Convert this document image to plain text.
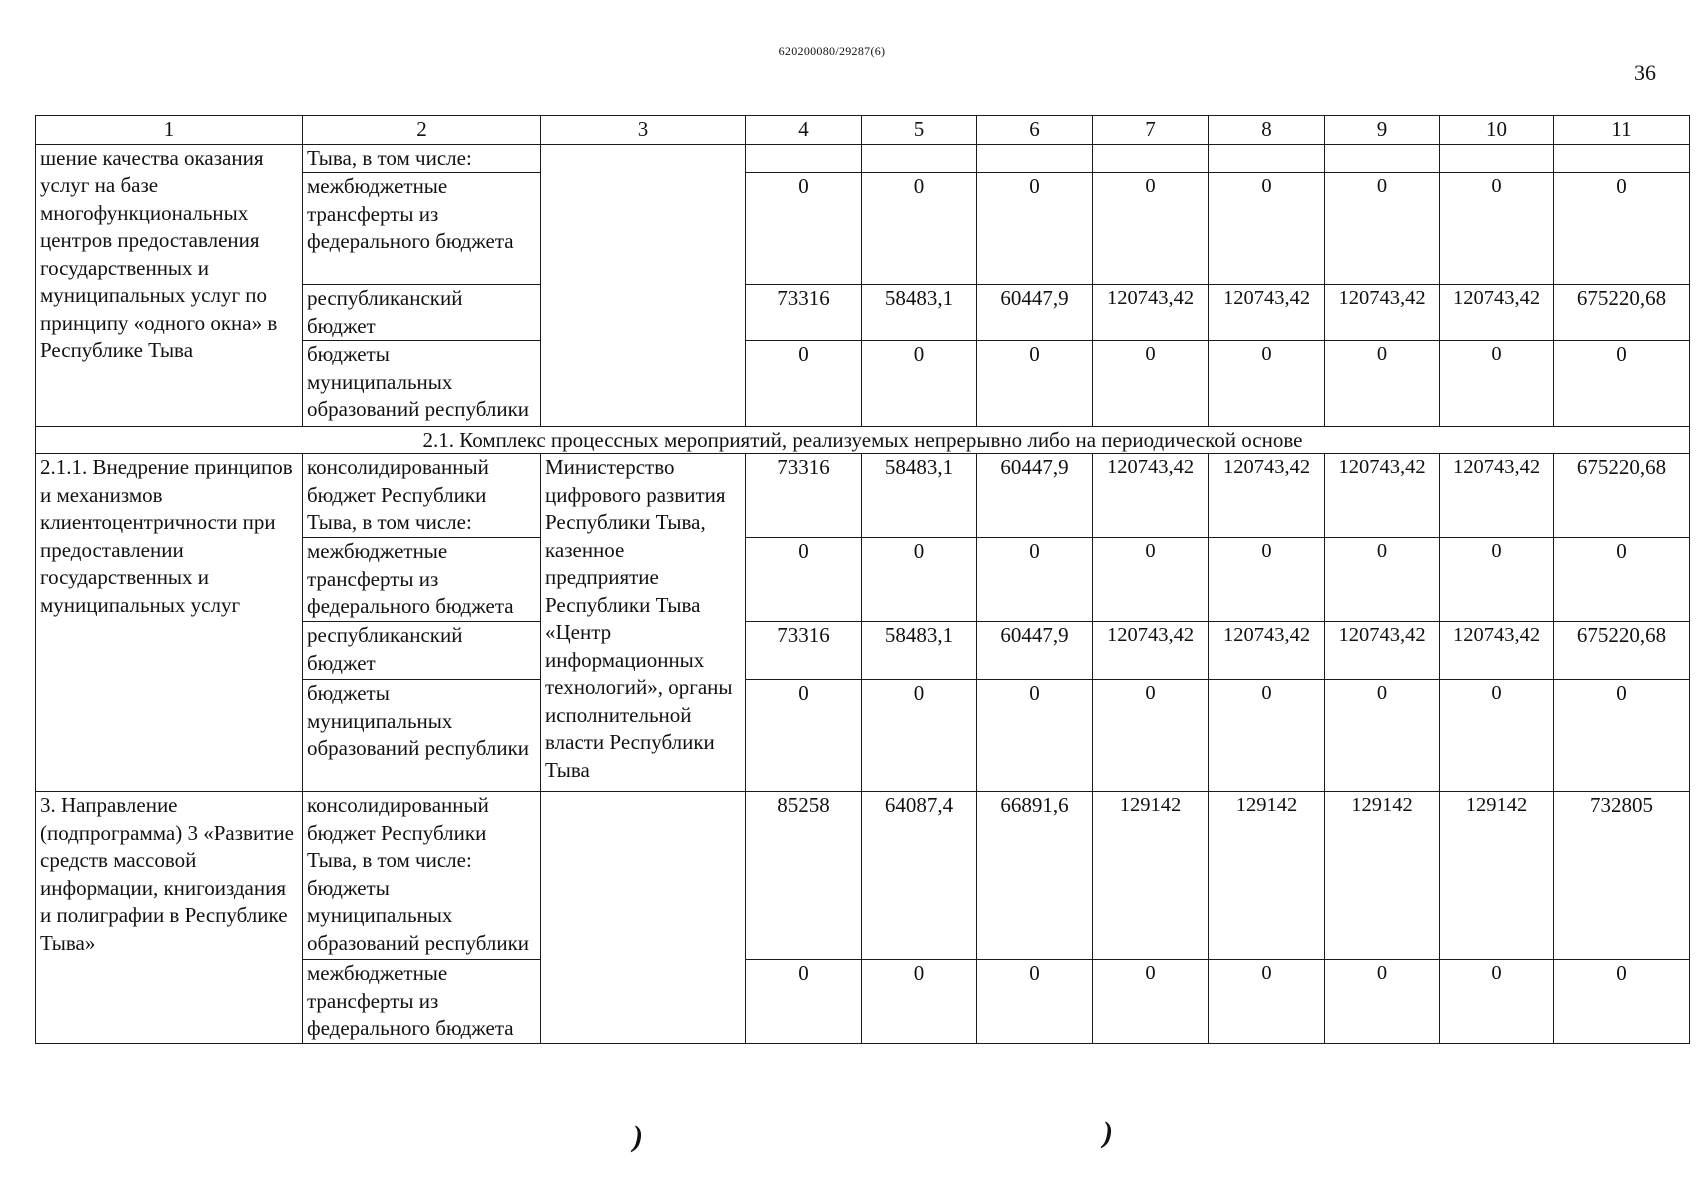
620200080/29287(6)
36
1	2	3	4	5	6	7	8	9	10	11
шение качества оказания услуг на базе многофункциональных центров предоставления государственных и муниципальных услуг по принципу «одного окна» в Республике Тыва	Тыва, в том числе:									
	межбюджетные трансферты из федерального бюджета		0	0	0	0	0	0	0	0
	республиканский бюджет		73316	58483,1	60447,9	120743,42	120743,42	120743,42	120743,42	675220,68
	бюджеты муниципальных образований республики		0	0	0	0	0	0	0	0
2.1. Комплекс процессных мероприятий, реализуемых непрерывно либо на периодической основе										
2.1.1. Внедрение принципов и механизмов клиентоцентричности при предоставлении государственных и муниципальных услуг	консолидированный бюджет Республики Тыва, в том числе:	Министерство цифрового развития Республики Тыва, казенное предприятие Республики Тыва «Центр информационных технологий», органы исполнительной власти Республики Тыва	73316	58483,1	60447,9	120743,42	120743,42	120743,42	120743,42	675220,68
	межбюджетные трансферты из федерального бюджета		0	0	0	0	0	0	0	0
	республиканский бюджет		73316	58483,1	60447,9	120743,42	120743,42	120743,42	120743,42	675220,68
	бюджеты муниципальных образований республики		0	0	0	0	0	0	0	0
3. Направление (подпрограмма) 3 «Развитие средств массовой информации, книгоиздания и полиграфии в Республике Тыва»	консолидированный бюджет Республики Тыва, в том числе: бюджеты муниципальных образований республики		85258	64087,4	66891,6	129142	129142	129142	129142	732805
	межбюджетные трансферты из федерального бюджета		0	0	0	0	0	0	0	0
)	)
